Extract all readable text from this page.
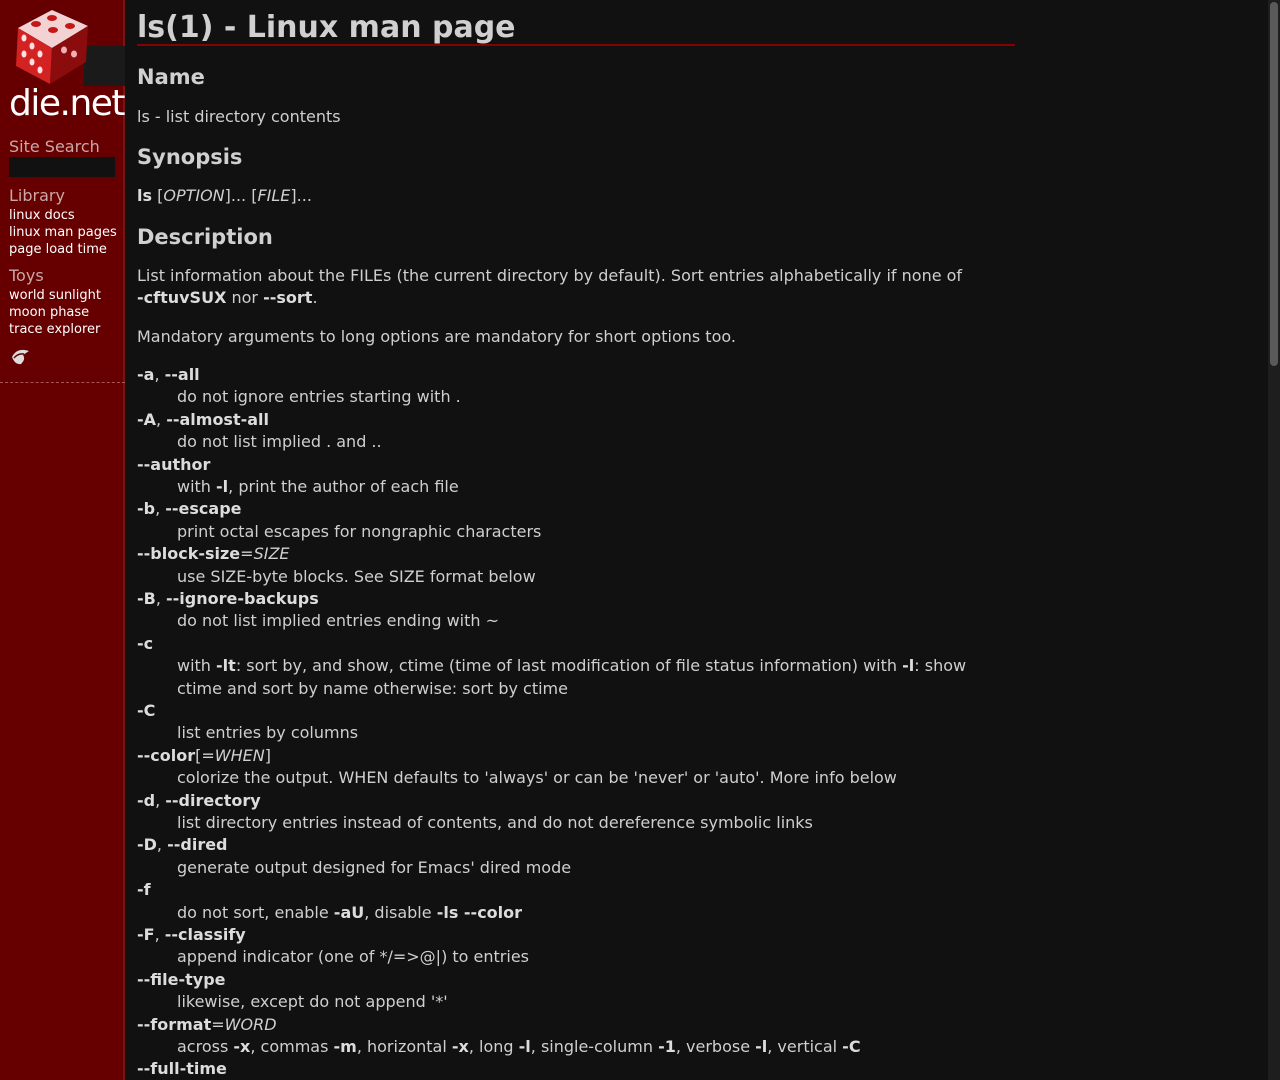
die.net
Site Search
Library
linux docs
linux man pages
page load time
Toys
world sunlight
moon phase
trace explorer
ls(1) - Linux man page
Name
ls - list directory contents
Synopsis
ls [OPTION]... [FILE]...
Description
List information about the FILEs (the current directory by default). Sort entries alphabetically if none of
-cftuvSUX nor --sort.
Mandatory arguments to long options are mandatory for short options too.
-a, --all
do not ignore entries starting with .
-A, --almost-all
do not list implied . and ..
--author
with -l, print the author of each file
-b, --escape
print octal escapes for nongraphic characters
--block-size=SIZE
use SIZE-byte blocks. See SIZE format below
-B, --ignore-backups
do not list implied entries ending with ~
-c
with -lt: sort by, and show, ctime (time of last modification of file status information) with -l: show
ctime and sort by name otherwise: sort by ctime
-C
list entries by columns
--color[=WHEN]
colorize the output. WHEN defaults to 'always' or can be 'never' or 'auto'. More info below
-d, --directory
list directory entries instead of contents, and do not dereference symbolic links
-D, --dired
generate output designed for Emacs' dired mode
-f
do not sort, enable -aU, disable -ls --color
-F, --classify
append indicator (one of */=>@|) to entries
--file-type
likewise, except do not append '*'
--format=WORD
across -x, commas -m, horizontal -x, long -l, single-column -1, verbose -l, vertical -C
--full-time
